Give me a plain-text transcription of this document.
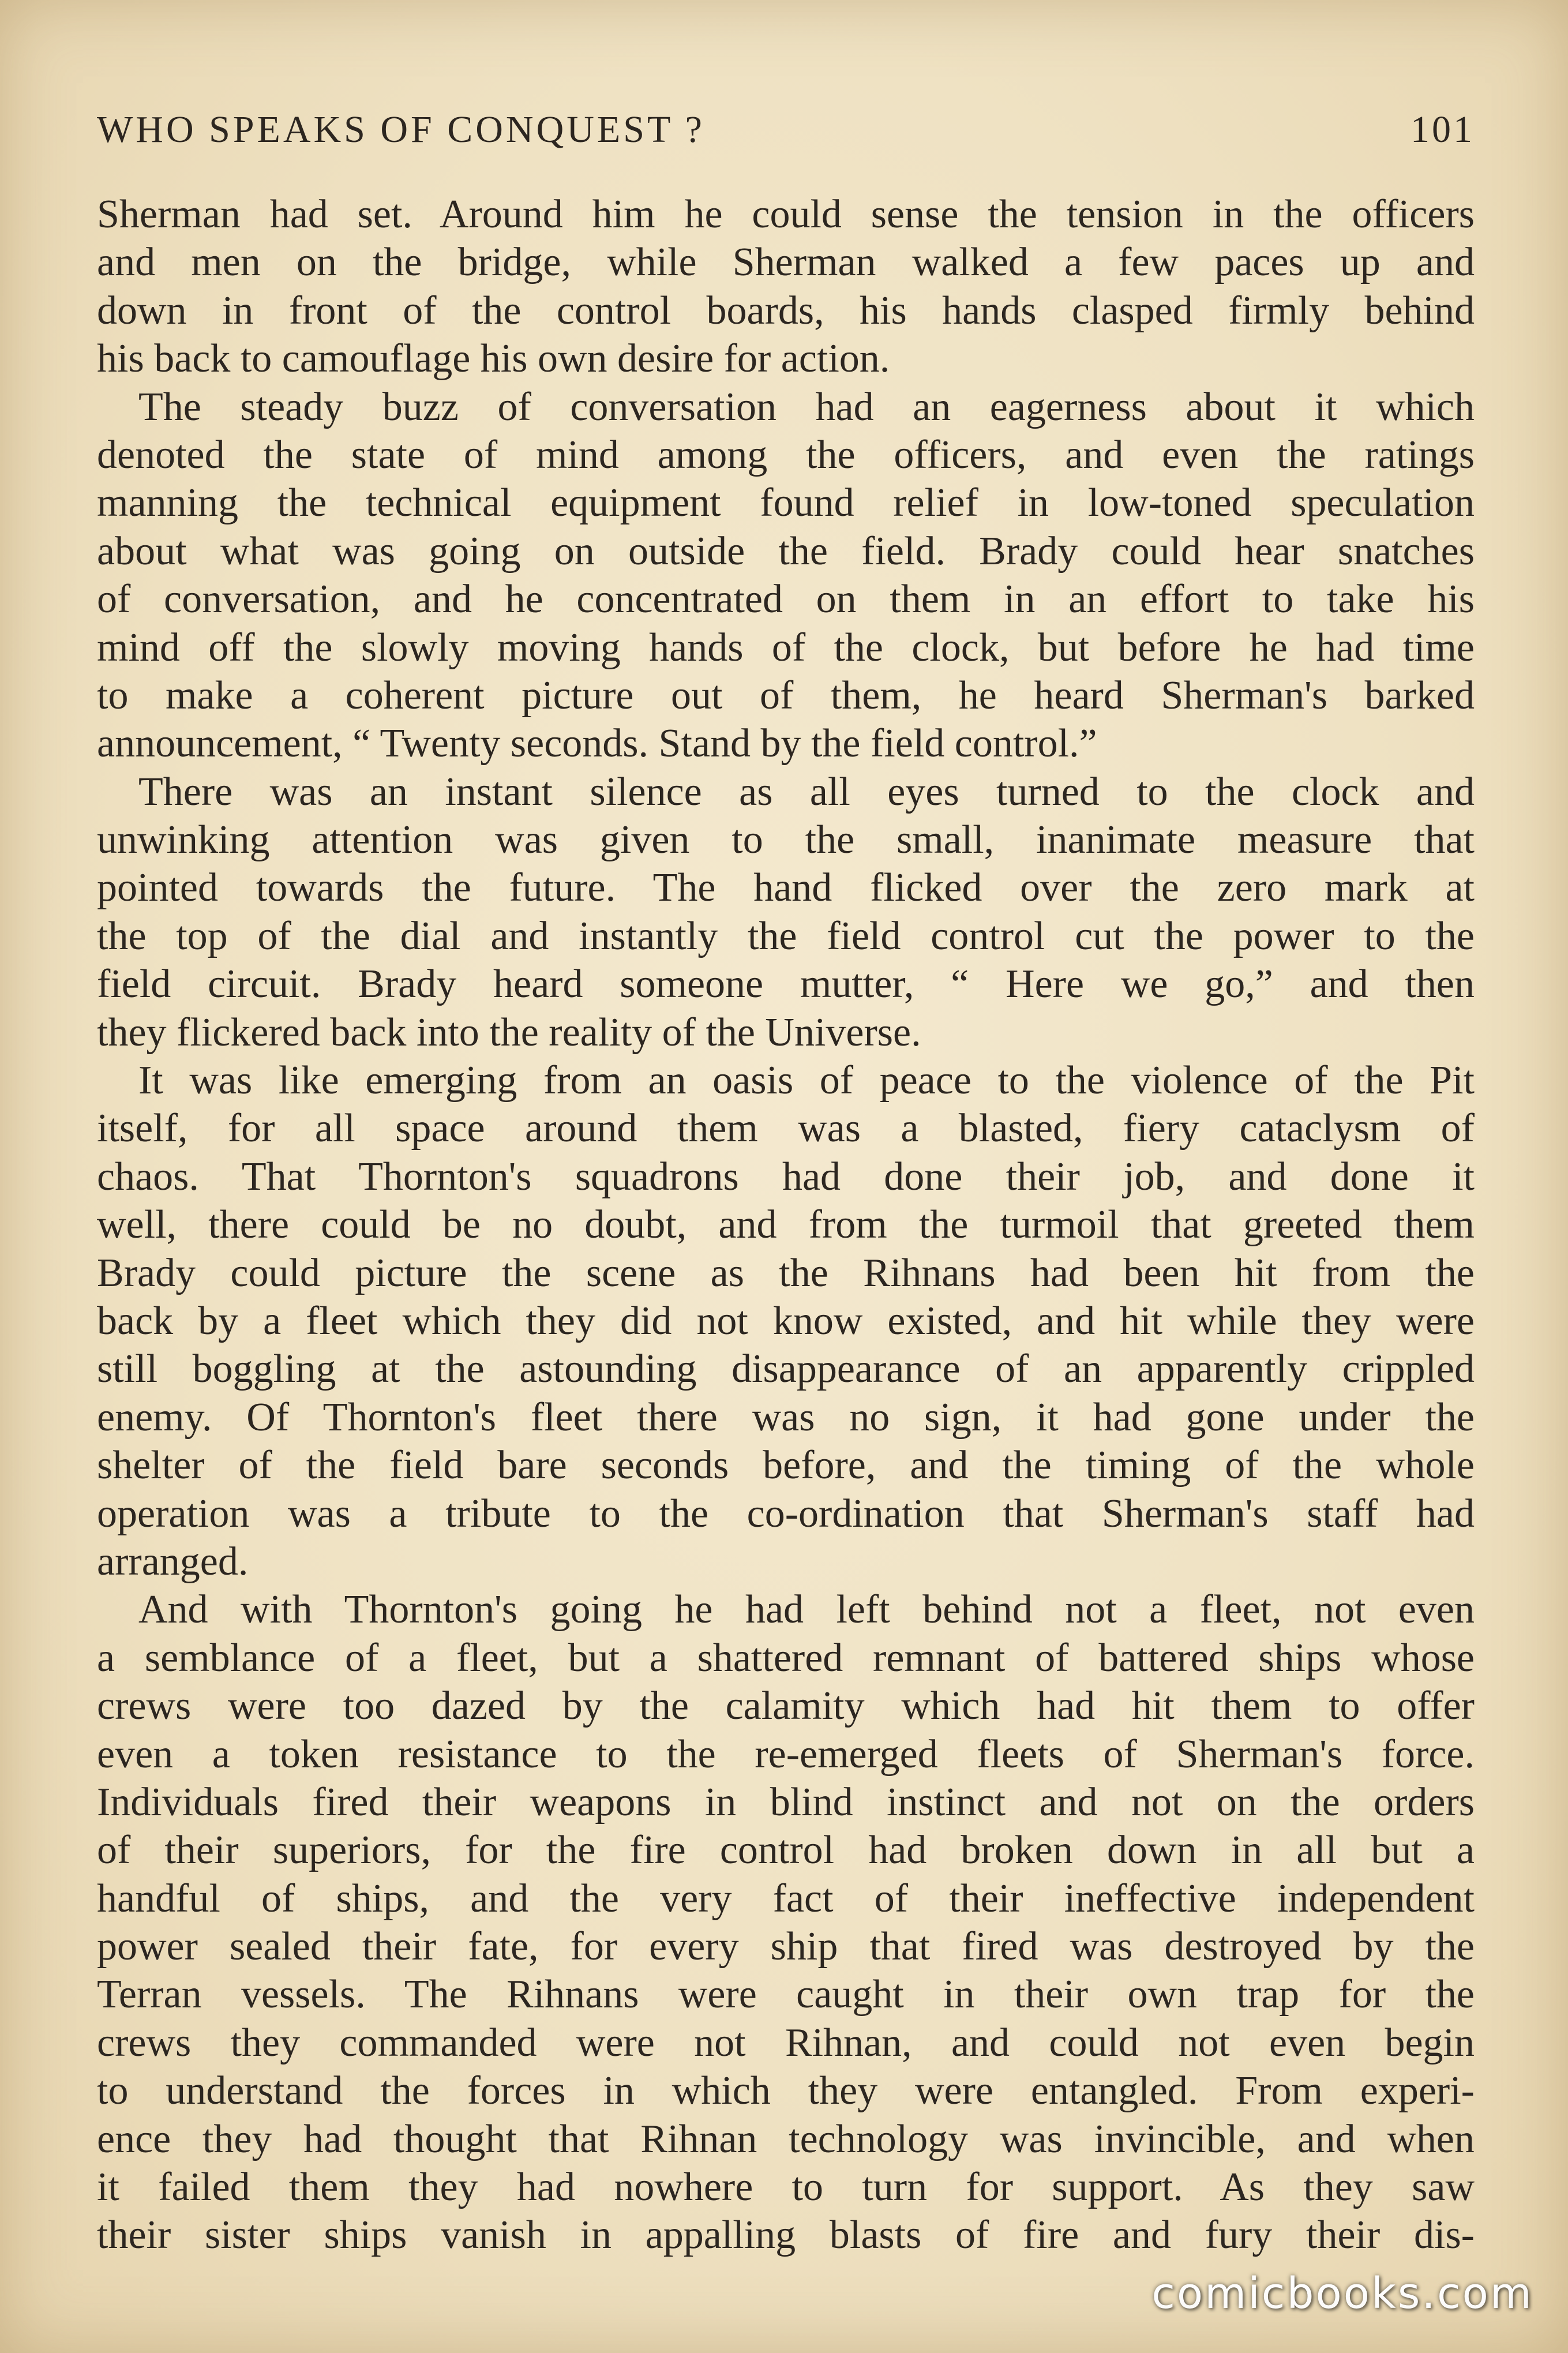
WHO SPEAKS OF CONQUEST ?	101
Sherman had set. Around him he could sense the tension in the officers
and men on the bridge, while Sherman walked a few paces up and
down in front of the control boards, his hands clasped firmly behind
his back to camouflage his own desire for action.
The steady buzz of conversation had an eagerness about it which
denoted the state of mind among the officers, and even the ratings
manning the technical equipment found relief in low-toned speculation
about what was going on outside the field. Brady could hear snatches
of conversation, and he concentrated on them in an effort to take his
mind off the slowly moving hands of the clock, but before he had time
to make a coherent picture out of them, he heard Sherman's barked
announcement, “ Twenty seconds. Stand by the field control.”
There was an instant silence as all eyes turned to the clock and
unwinking attention was given to the small, inanimate measure that
pointed towards the future. The hand flicked over the zero mark at
the top of the dial and instantly the field control cut the power to the
field circuit. Brady heard someone mutter, “ Here we go,” and then
they flickered back into the reality of the Universe.
It was like emerging from an oasis of peace to the violence of the Pit
itself, for all space around them was a blasted, fiery cataclysm of
chaos. That Thornton's squadrons had done their job, and done it
well, there could be no doubt, and from the turmoil that greeted them
Brady could picture the scene as the Rihnans had been hit from the
back by a fleet which they did not know existed, and hit while they were
still boggling at the astounding disappearance of an apparently crippled
enemy. Of Thornton's fleet there was no sign, it had gone under the
shelter of the field bare seconds before, and the timing of the whole
operation was a tribute to the co-ordination that Sherman's staff had
arranged.
And with Thornton's going he had left behind not a fleet, not even
a semblance of a fleet, but a shattered remnant of battered ships whose
crews were too dazed by the calamity which had hit them to offer
even a token resistance to the re-emerged fleets of Sherman's force.
Individuals fired their weapons in blind instinct and not on the orders
of their superiors, for the fire control had broken down in all but a
handful of ships, and the very fact of their ineffective independent
power sealed their fate, for every ship that fired was destroyed by the
Terran vessels. The Rihnans were caught in their own trap for the
crews they commanded were not Rihnan, and could not even begin
to understand the forces in which they were entangled. From experi-
ence they had thought that Rihnan technology was invincible, and when
it failed them they had nowhere to turn for support. As they saw
their sister ships vanish in appalling blasts of fire and fury their dis-
comicbooks.com
